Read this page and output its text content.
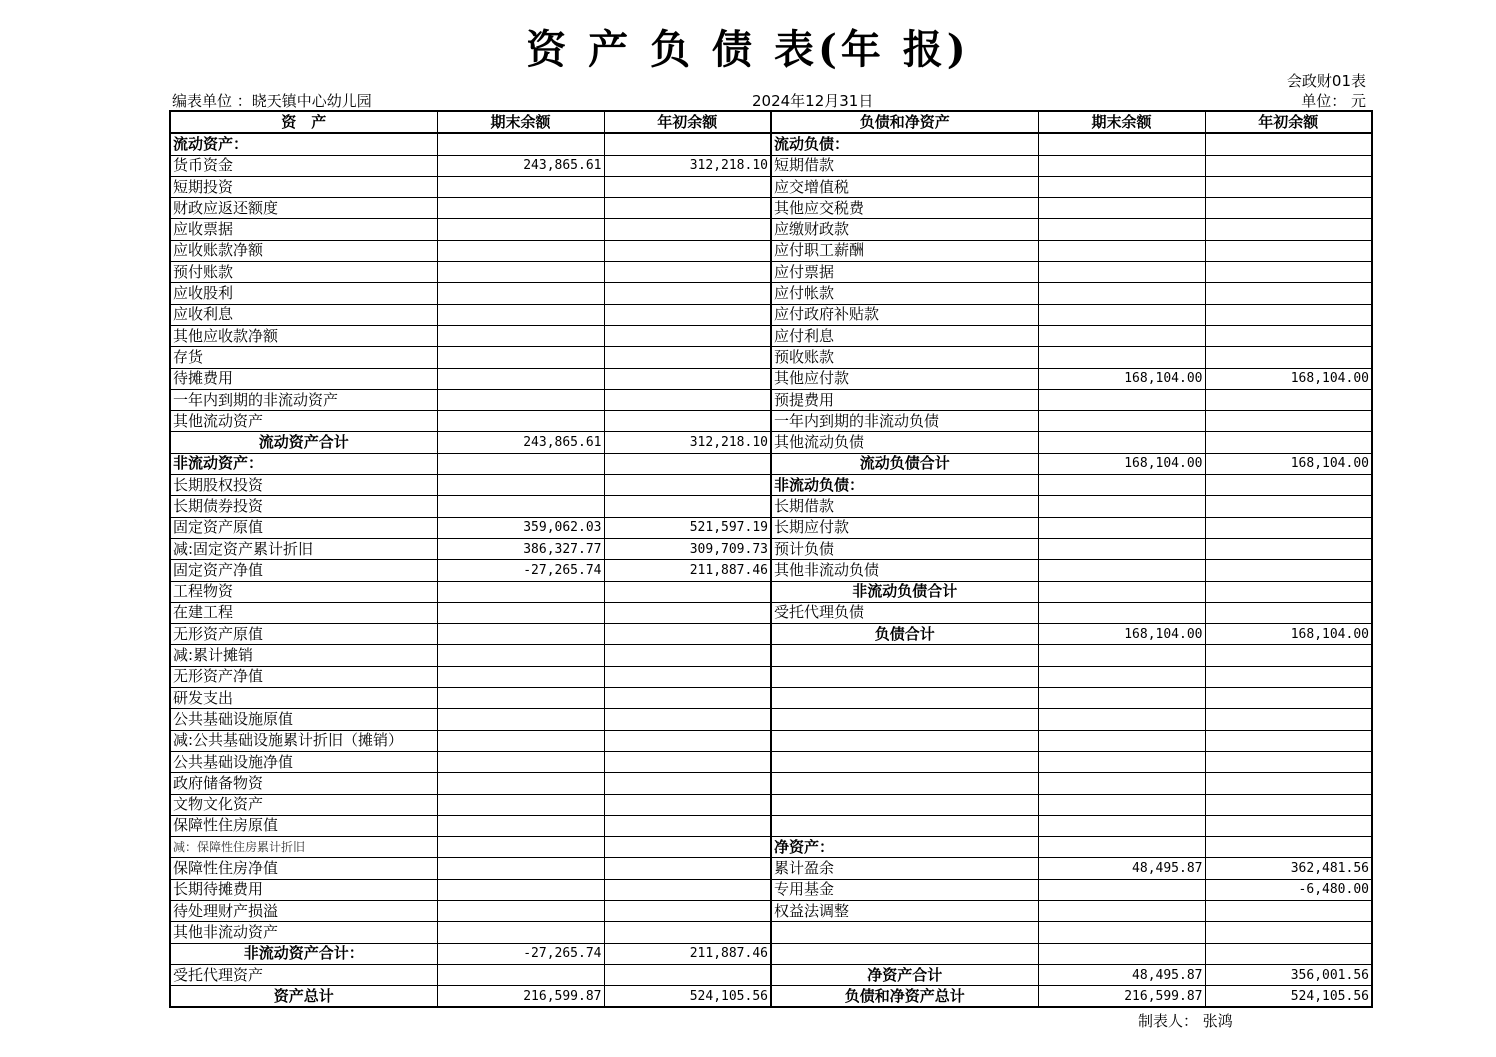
资 产 负 债 表(年 报)
会政财01表
单位： 元
编表单位 ：晓天镇中心幼儿园	2024年12月31日
资　产	期末余额	年初余额	负债和净资产	期末余额	年初余额
流动资产：			流动负债：		
货币资金	243,865.61	312,218.10	短期借款		
短期投资			应交增值税		
财政应返还额度			其他应交税费		
应收票据			应缴财政款		
应收账款净额			应付职工薪酬		
预付账款			应付票据		
应收股利			应付帐款		
应收利息			应付政府补贴款		
其他应收款净额			应付利息		
存货			预收账款		
待摊费用			其他应付款	168,104.00	168,104.00
一年内到期的非流动资产			预提费用		
其他流动资产			一年内到期的非流动负债		
流动资产合计	243,865.61	312,218.10	其他流动负债		
非流动资产：			流动负债合计	168,104.00	168,104.00
长期股权投资			非流动负债：		
长期债券投资			长期借款		
固定资产原值	359,062.03	521,597.19	长期应付款		
减:固定资产累计折旧	386,327.77	309,709.73	预计负债		
固定资产净值	-27,265.74	211,887.46	其他非流动负债		
工程物资			非流动负债合计		
在建工程			受托代理负债		
无形资产原值			负债合计	168,104.00	168,104.00
减:累计摊销					
无形资产净值					
研发支出					
公共基础设施原值					
减:公共基础设施累计折旧（摊销）					
公共基础设施净值					
政府储备物资					
文物文化资产					
保障性住房原值					
减：保障性住房累计折旧			净资产：		
保障性住房净值			累计盈余	48,495.87	362,481.56
长期待摊费用			专用基金		-6,480.00
待处理财产损溢			权益法调整		
其他非流动资产					
非流动资产合计：	-27,265.74	211,887.46			
受托代理资产			净资产合计	48,495.87	356,001.56
资产总计	216,599.87	524,105.56	负债和净资产总计	216,599.87	524,105.56
制表人： 张鸿
